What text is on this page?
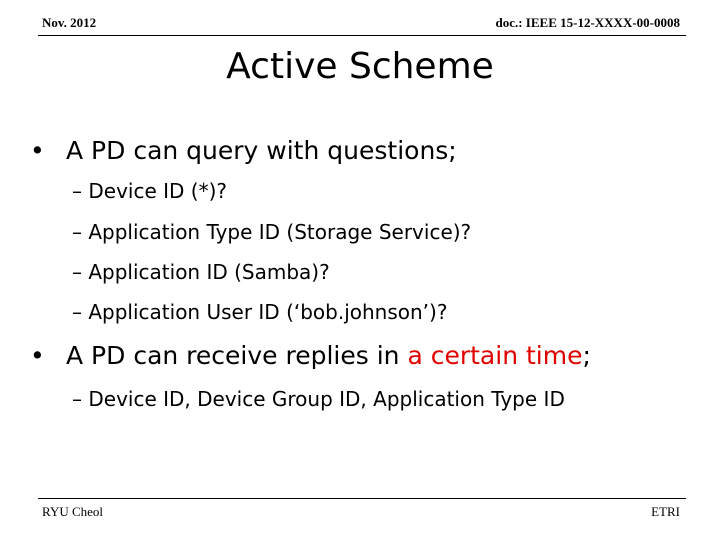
Nov. 2012	doc.: IEEE 15-12-XXXX-00-0008
Active Scheme
• A PD can query with questions;
– Device ID (*)?
– Application Type ID (Storage Service)?
– Application ID (Samba)?
– Application User ID (‘bob.johnson’)?
• A PD can receive replies in a certain time;
– Device ID, Device Group ID, Application Type ID
RYU Cheol	ETRI
